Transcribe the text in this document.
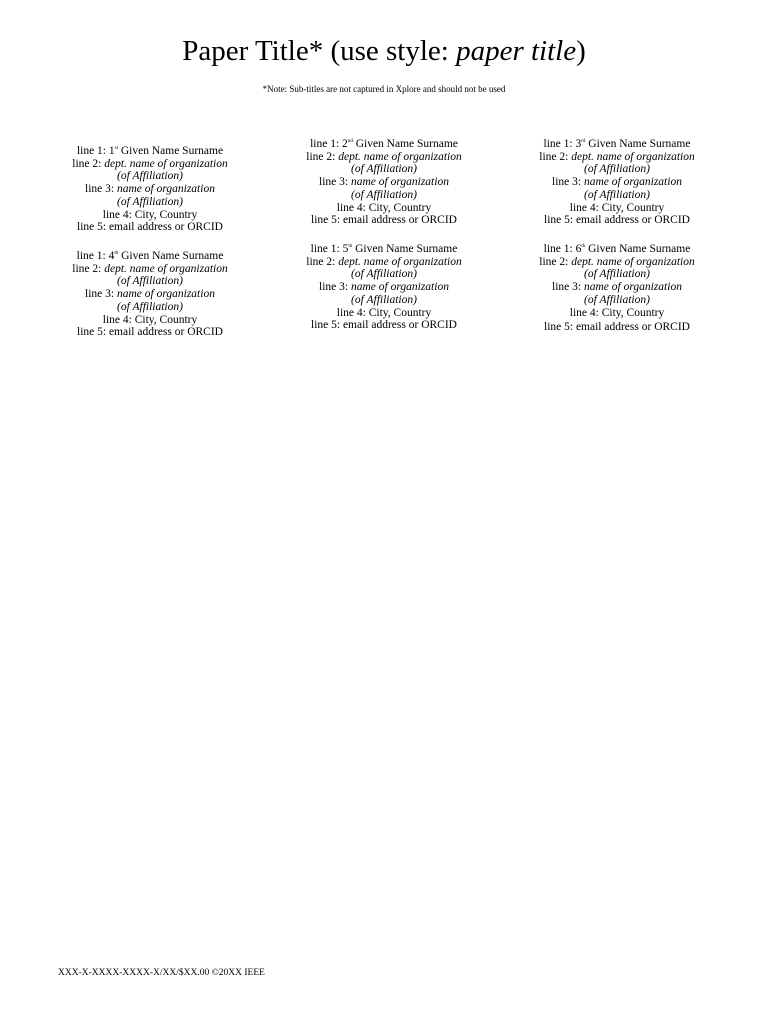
Paper Title* (use style: paper title)
*Note: Sub-titles are not captured in Xplore and should not be used
line 1: 1st Given Name Surname
line 2: dept. name of organization
(of Affiliation)
line 3: name of organization
(of Affiliation)
line 4: City, Country
line 5: email address or ORCID
line 1: 2nd Given Name Surname
line 2: dept. name of organization
(of Affiliation)
line 3: name of organization
(of Affiliation)
line 4: City, Country
line 5: email address or ORCID
line 1: 3rd Given Name Surname
line 2: dept. name of organization
(of Affiliation)
line 3: name of organization
(of Affiliation)
line 4: City, Country
line 5: email address or ORCID
line 1: 4th Given Name Surname
line 2: dept. name of organization
(of Affiliation)
line 3: name of organization
(of Affiliation)
line 4: City, Country
line 5: email address or ORCID
line 1: 5th Given Name Surname
line 2: dept. name of organization
(of Affiliation)
line 3: name of organization
(of Affiliation)
line 4: City, Country
line 5: email address or ORCID
line 1: 6th Given Name Surname
line 2: dept. name of organization
(of Affiliation)
line 3: name of organization
(of Affiliation)
line 4: City, Country
line 5: email address or ORCID
XXX-X-XXXX-XXXX-X/XX/$XX.00 ©20XX IEEE
